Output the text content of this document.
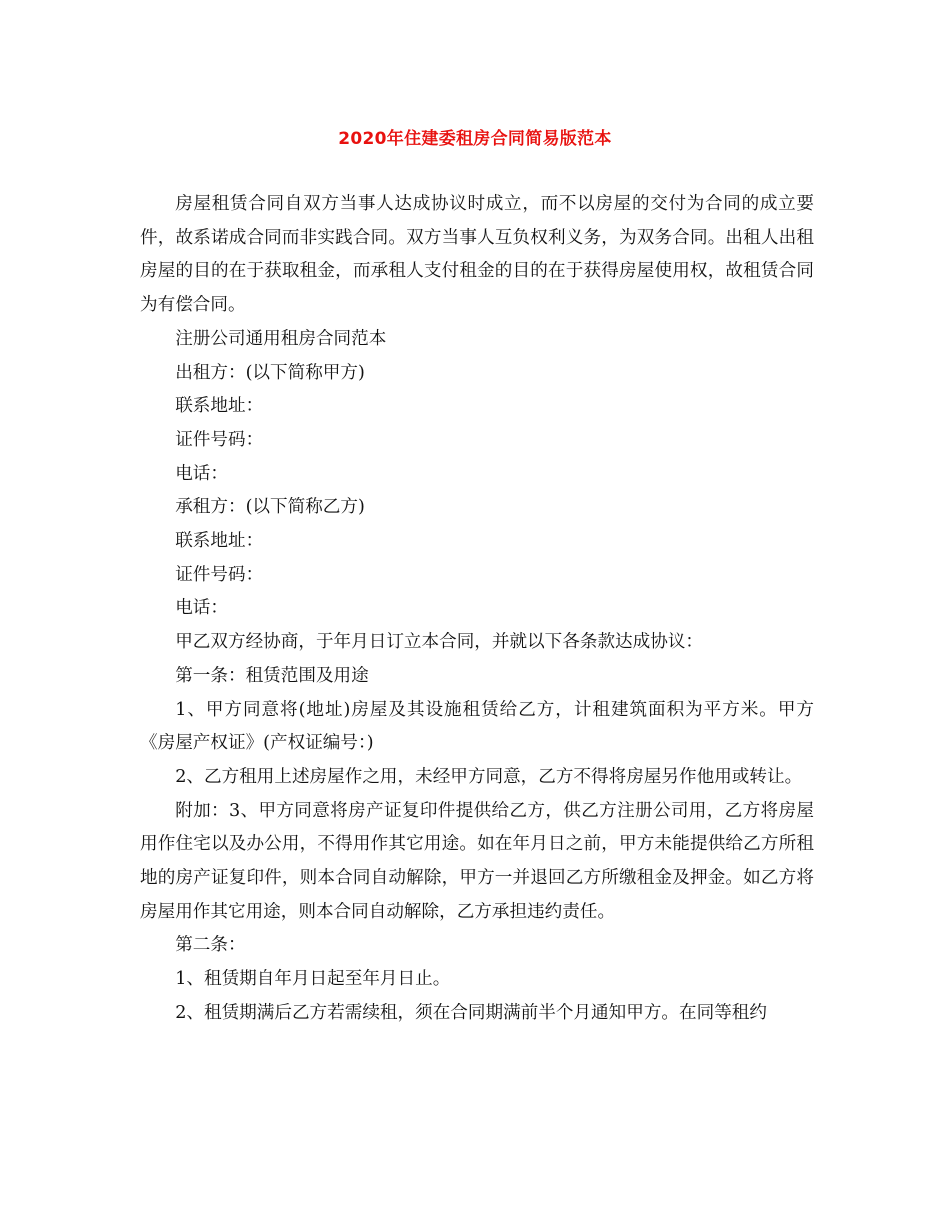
2020年住建委租房合同简易版范本

房屋租赁合同自双方当事人达成协议时成立，而不以房屋的交付为合同的成立要件，故系诺成合同而非实践合同。双方当事人互负权利义务，为双务合同。出租人出租房屋的目的在于获取租金，而承租人支付租金的目的在于获得房屋使用权，故租赁合同为有偿合同。

注册公司通用租房合同范本

出租方：(以下简称甲方)

联系地址：

证件号码：

电话：

承租方：(以下简称乙方)

联系地址：

证件号码：

电话：

甲乙双方经协商，于年月日订立本合同，并就以下各条款达成协议：

第一条：租赁范围及用途

1、甲方同意将(地址)房屋及其设施租赁给乙方，计租建筑面积为平方米。甲方《房屋产权证》(产权证编号：)

2、乙方租用上述房屋作之用，未经甲方同意，乙方不得将房屋另作他用或转让。

附加：3、甲方同意将房产证复印件提供给乙方，供乙方注册公司用，乙方将房屋用作住宅以及办公用，不得用作其它用途。如在年月日之前，甲方未能提供给乙方所租地的房产证复印件，则本合同自动解除，甲方一并退回乙方所缴租金及押金。如乙方将房屋用作其它用途，则本合同自动解除，乙方承担违约责任。

第二条：

1、租赁期自年月日起至年月日止。

2、租赁期满后乙方若需续租，须在合同期满前半个月通知甲方。在同等租约
